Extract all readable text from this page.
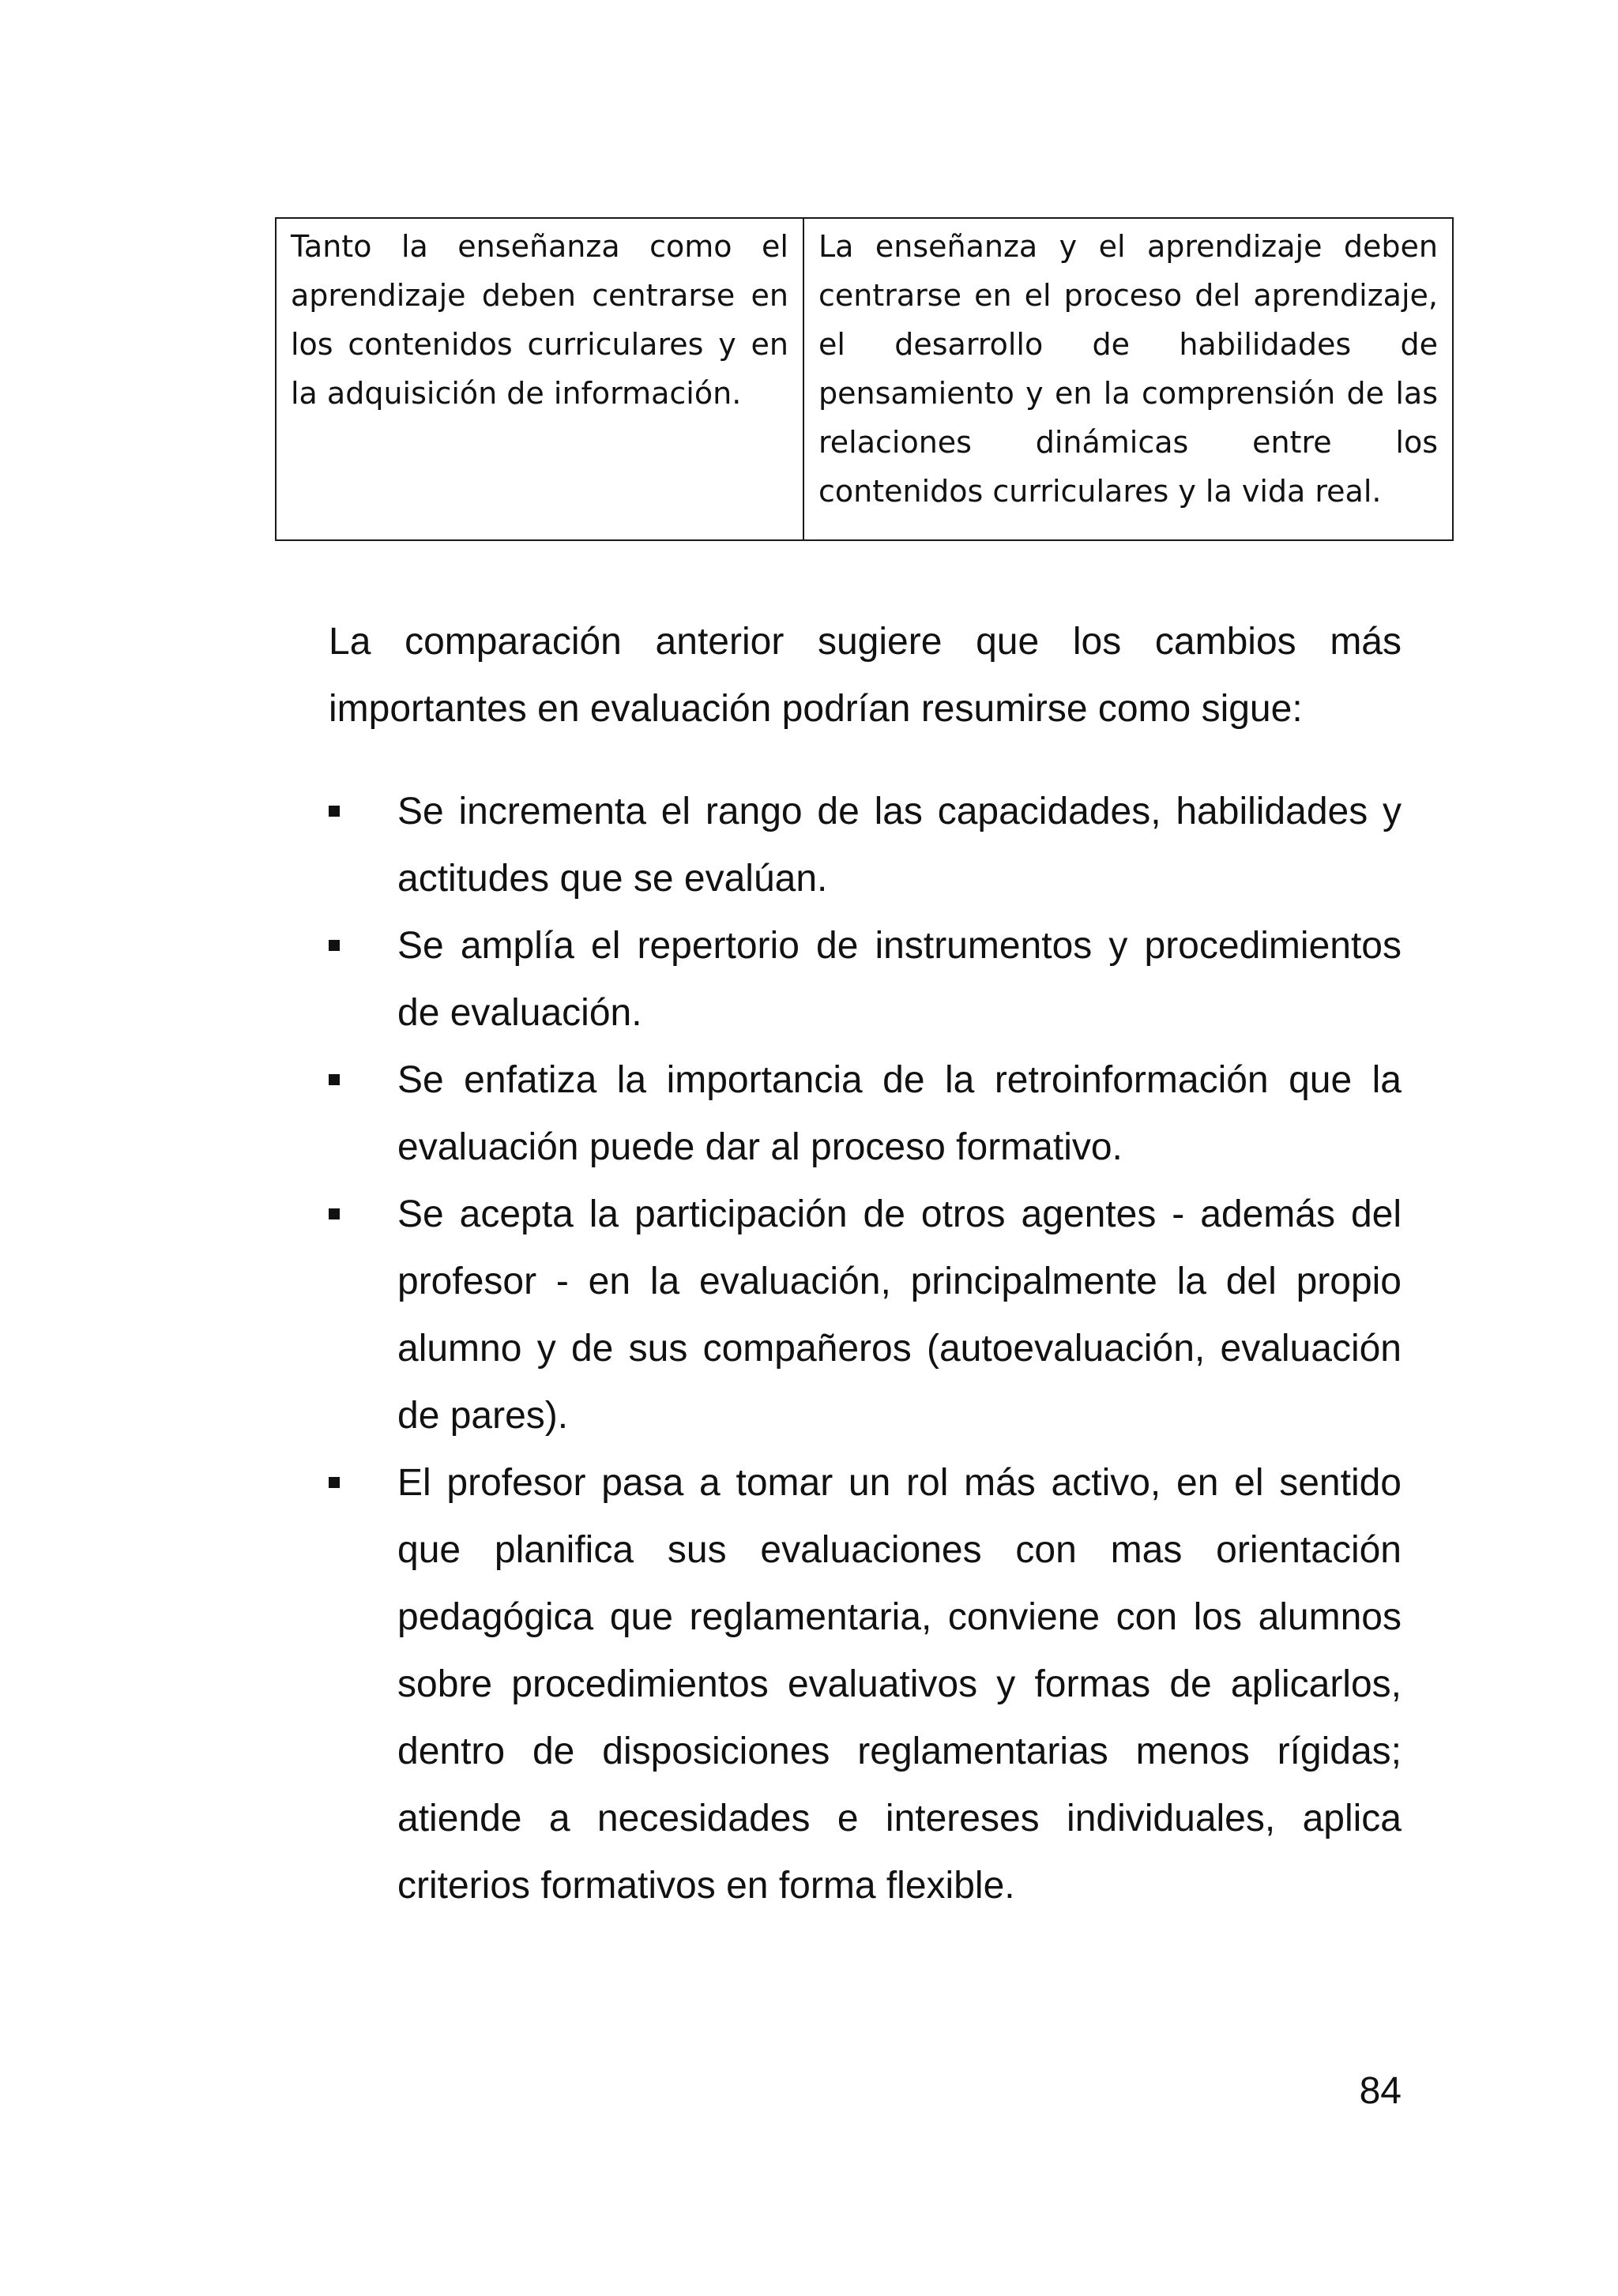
Tanto la enseñanza como el aprendizaje deben centrarse en los contenidos curriculares y en la adquisición de información.	La enseñanza y el aprendizaje deben centrarse en el proceso del aprendizaje, el desarrollo de habilidades de pensamiento y en la comprensión de las relaciones dinámicas entre los contenidos curriculares y la vida real.

La comparación anterior sugiere que los cambios más importantes en evaluación podrían resumirse como sigue:

Se incrementa el rango de las capacidades, habilidades y actitudes que se evalúan.
Se amplía el repertorio de instrumentos y procedimientos de evaluación.
Se enfatiza la importancia de la retroinformación que la evaluación puede dar al proceso formativo.
Se acepta la participación de otros agentes - además del profesor - en la evaluación, principalmente la del propio alumno y de sus compañeros (autoevaluación, evaluación de pares).
El profesor pasa a tomar un rol más activo, en el sentido que planifica sus evaluaciones con mas orientación pedagógica que reglamentaria, conviene con los alumnos sobre procedimientos evaluativos y formas de aplicarlos, dentro de disposiciones reglamentarias menos rígidas; atiende a necesidades e intereses individuales, aplica criterios formativos en forma flexible.
84
